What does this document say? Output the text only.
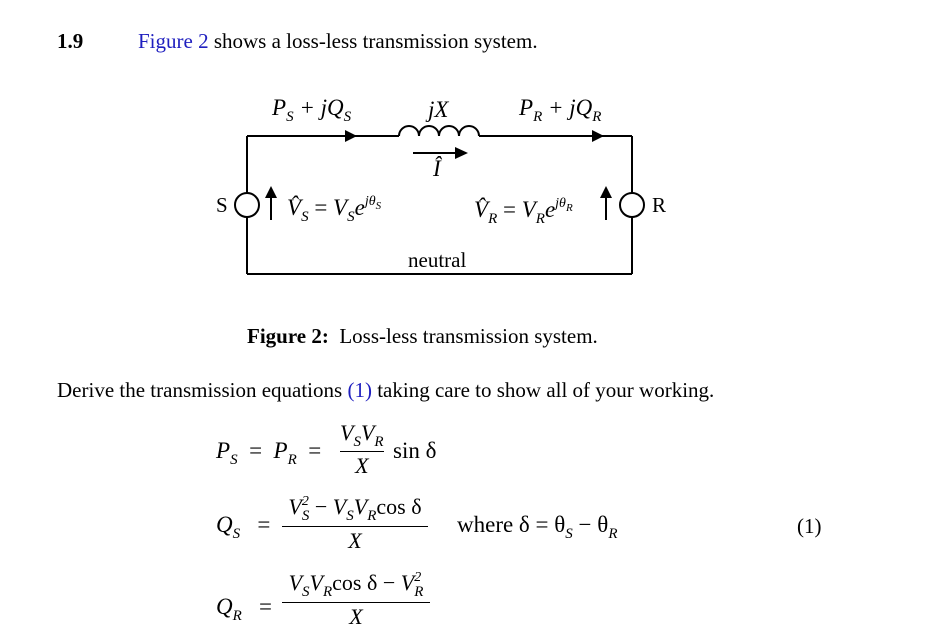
1.9	Figure 2 shows a loss-less transmission system.
S	R
neutral
$P_S + jQ_S$	jX
Î
$P_R + jQ_R$
$V̂_S = V_Se^{j\theta S}$	$V̂_R = V_Re^{j\theta R}$
Figure 2: Loss-less transmission system.
Derive the transmission equations (1) taking care to show all of your working.
$P_S = P_R$ =
$V_SV_R$
X
sin δ
$Q_S$ =
$V^2_S - V_SV_R\cos$ δ
X
where $\delta = \theta_S - \theta_R$	(1)
$Q_R$ =
$V_SV_R\cos$ $\delta - V^2_R$
X
